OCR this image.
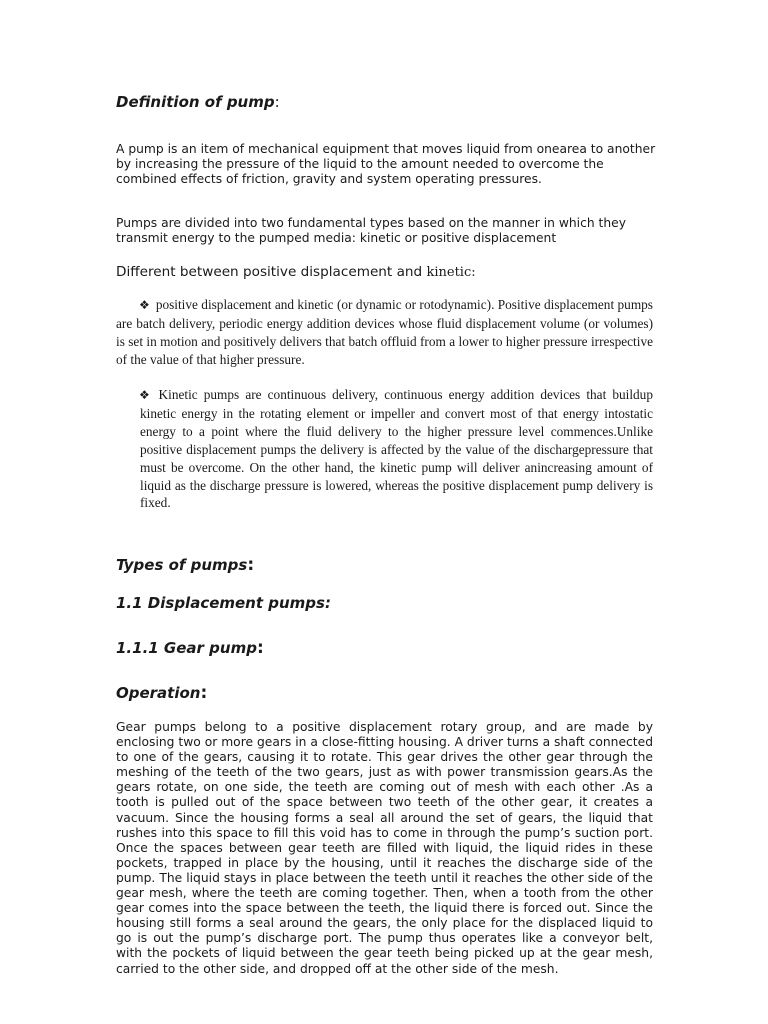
Definition of pump:

A pump is an item of mechanical equipment that moves liquid from onearea to another by increasing the pressure of the liquid to the amount needed to overcome the combined effects of friction, gravity and system operating pressures.

Pumps are divided into two fundamental types based on the manner in which they transmit energy to the pumped media: kinetic or positive displacement

Different between positive displacement and kinetic:

❖ positive displacement and kinetic (or dynamic or rotodynamic). Positive displacement pumps are batch delivery, periodic energy addition devices whose fluid displacement volume (or volumes) is set in motion and positively delivers that batch offluid from a lower to higher pressure irrespective of the value of that higher pressure.

❖ Kinetic pumps are continuous delivery, continuous energy addition devices that buildup kinetic energy in the rotating element or impeller and convert most of that energy intostatic energy to a point where the fluid delivery to the higher pressure level commences.Unlike positive displacement pumps the delivery is affected by the value of the dischargepressure that must be overcome. On the other hand, the kinetic pump will deliver anincreasing amount of liquid as the discharge pressure is lowered, whereas the positive displacement pump delivery is fixed.

Types of pumps:
1.1 Displacement pumps:
1.1.1 Gear pump:
Operation:

Gear pumps belong to a positive displacement rotary group, and are made by enclosing two or more gears in a close-fitting housing. A driver turns a shaft connected to one of the gears, causing it to rotate. This gear drives the other gear through the meshing of the teeth of the two gears, just as with power transmission gears.As the gears rotate, on one side, the teeth are coming out of mesh with each other .As a tooth is pulled out of the space between two teeth of the other gear, it creates a vacuum. Since the housing forms a seal all around the set of gears, the liquid that rushes into this space to fill this void has to come in through the pump’s suction port. Once the spaces between gear teeth are filled with liquid, the liquid rides in these pockets, trapped in place by the housing, until it reaches the discharge side of the pump. The liquid stays in place between the teeth until it reaches the other side of the gear mesh, where the teeth are coming together. Then, when a tooth from the other gear comes into the space between the teeth, the liquid there is forced out. Since the housing still forms a seal around the gears, the only place for the displaced liquid to go is out the pump’s discharge port. The pump thus operates like a conveyor belt, with the pockets of liquid between the gear teeth being picked up at the gear mesh, carried to the other side, and dropped off at the other side of the mesh.
